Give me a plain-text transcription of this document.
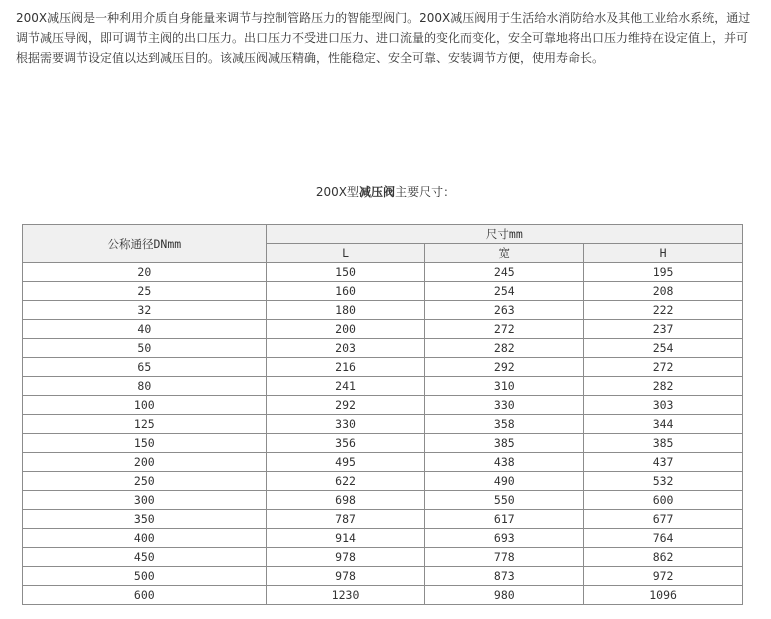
200X减压阀是一种利用介质自身能量来调节与控制管路压力的智能型阀门。200X减压阀用于生活给水消防给水及其他工业给水系统，通过调节减压导阀，即可调节主阀的出口压力。出口压力不受进口压力、进口流量的变化而变化，安全可靠地将出口压力维持在设定值上，并可根据需要调节设定值以达到减压目的。该减压阀减压精确，性能稳定、安全可靠、安装调节方便，使用寿命长。

200X型减压阀主要尺寸：
公称通径DNmm	尺寸mm		
	L	宽	H
20	150	245	195
25	160	254	208
32	180	263	222
40	200	272	237
50	203	282	254
65	216	292	272
80	241	310	282
100	292	330	303
125	330	358	344
150	356	385	385
200	495	438	437
250	622	490	532
300	698	550	600
350	787	617	677
400	914	693	764
450	978	778	862
500	978	873	972
600	1230	980	1096
